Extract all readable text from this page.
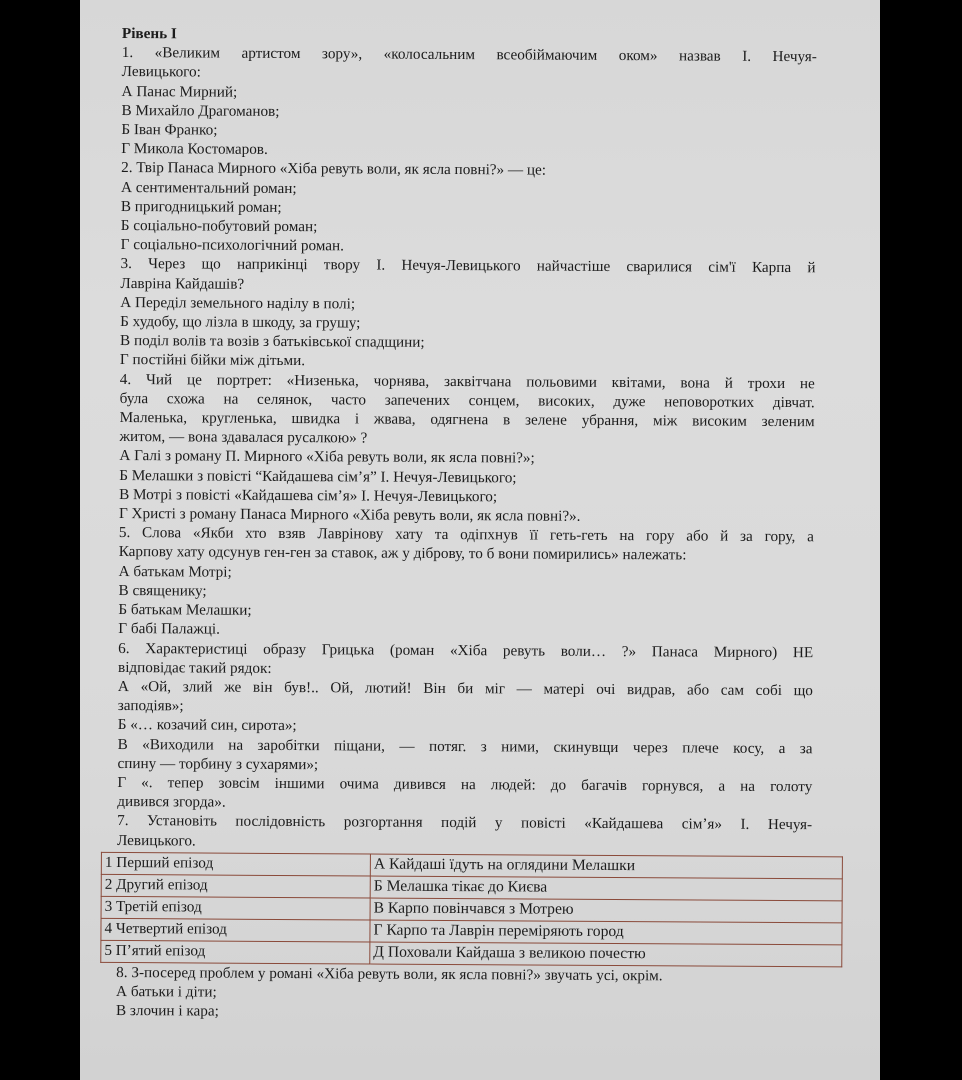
Рівень І
1. «Великим артистом зору», «колосальним всеобіймаючим оком» назвав І. Нечуя-
Левицького:
А Панас Мирний;
В Михайло Драгоманов;
Б Іван Франко;
Г Микола Костомаров.
2. Твір Панаса Мирного «Хіба ревуть воли, як ясла повні?» — це:
А сентиментальний роман;
В пригодницький роман;
Б соціально-побутовий роман;
Г соціально-психологічний роман.
3. Через що наприкінці твору І. Нечуя-Левицького найчастіше сварилися сім'ї Карпа й
Лавріна Кайдашів?
А Переділ земельного наділу в полі;
Б худобу, що лізла в шкоду, за грушу;
В поділ волів та возів з батьківської спадщини;
Г постійні бійки між дітьми.
4. Чий це портрет: «Низенька, чорнява, заквітчана польовими квітами, вона й трохи не
була схожа на селянок, часто запечених сонцем, високих, дуже неповоротких дівчат.
Маленька, кругленька, швидка і жвава, одягнена в зелене убрання, між високим зеленим
житом, — вона здавалася русалкою» ?
А Галі з роману П. Мирного «Хіба ревуть воли, як ясла повні?»;
Б Мелашки з повісті “Кайдашева сім’я” І. Нечуя-Левицького;
В Мотрі з повісті «Кайдашева сім’я» І. Нечуя-Левицького;
Г Христі з роману Панаса Мирного «Хіба ревуть воли, як ясла повні?».
5. Слова «Якби хто взяв Лаврінову хату та одіпхнув її геть-геть на гору або й за гору, а
Карпову хату одсунув ген-ген за ставок, аж у діброву, то б вони помирились» належать:
А батькам Мотрі;
В священику;
Б батькам Мелашки;
Г бабі Палажці.
6. Характеристиці образу Грицька (роман «Хіба ревуть воли… ?» Панаса Мирного) НЕ
відповідає такий рядок:
А «Ой, злий же він був!.. Ой, лютий! Він би міг — матері очі видрав, або сам собі що
заподіяв»;
Б «… козачий син, сирота»;
В «Виходили на заробітки піщани, — потяг. з ними, скинувщи через плече косу, а за
спину — торбину з сухарями»;
Г «. тепер зовсім іншими очима дивився на людей: до багачів горнувся, а на голоту
дивився згорда».
7. Установіть послідовність розгортання подій у повісті «Кайдашева сім’я» І. Нечуя-
Левицького.
1 Перший епізод	А Кайдаші їдуть на оглядини Мелашки
2 Другий епізод	Б Мелашка тікає до Києва
3 Третій епізод	В Карпо повінчався з Мотрею
4 Четвертий епізод	Г Карпо та Лаврін переміряють город
5 П’ятий епізод	Д Поховали Кайдаша з великою почестю
8. З-посеред проблем у романі «Хіба ревуть воли, як ясла повні?» звучать усі, окрім.
А батьки і діти;
В злочин і кара;
